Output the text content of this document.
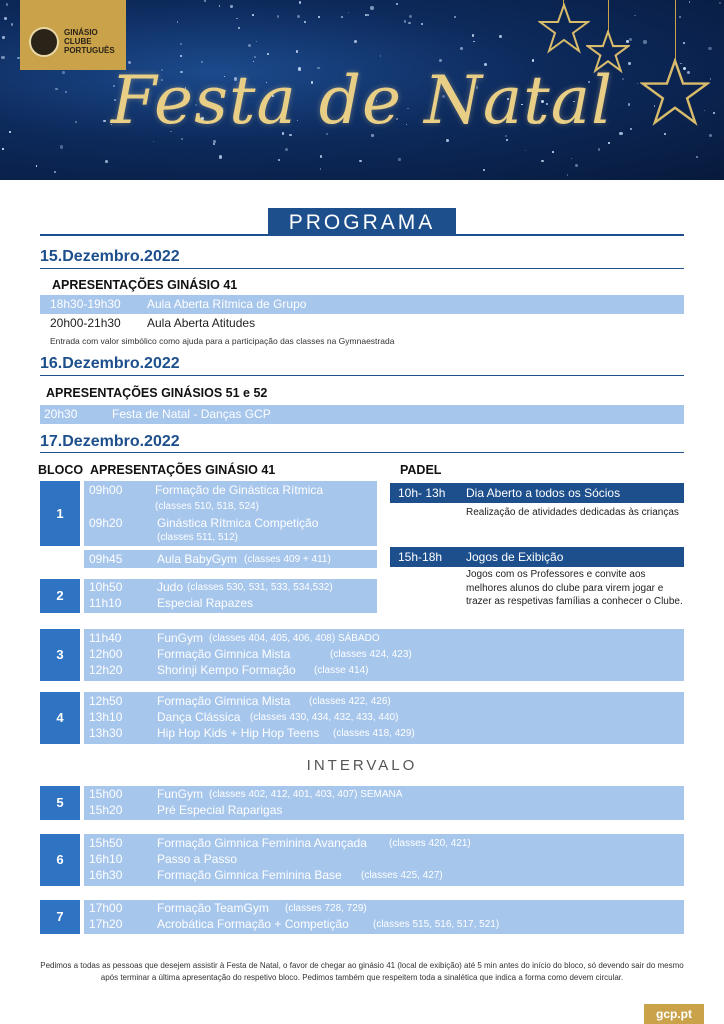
GINÁSIO CLUBE PORTUGUÊS
Festa de Natal
PROGRAMA
15.Dezembro.2022
APRESENTAÇÕES GINÁSIO 41
18h30-19h30 Aula Aberta Rítmica de Grupo
20h00-21h30 Aula Aberta Atitudes
Entrada com valor simbólico como ajuda para a participação das classes na Gymnaestrada
16.Dezembro.2022
APRESENTAÇÕES GINÁSIOS 51 e 52
20h30	Festa de Natal - Danças GCP
17.Dezembro.2022
BLOCO APRESENTAÇÕES GINÁSIO 41	PADEL
1
09h00	Formação de Ginástica Rítmica
(classes 510, 518, 524)
09h20	Ginástica Rítmica Competição
(classes 511, 512)
09h45	Aula BabyGym (classes 409 + 411)
2
10h50	Judo (classes 530, 531, 533, 534,532)
11h10	Especial Rapazes
10h- 13h Dia Aberto a todos os Sócios
Realização de atividades dedicadas às crianças
15h-18h Jogos de Exibição
Jogos com os Professores e convite aos melhores alunos do clube para virem jogar e trazer as respetivas famílias a conhecer o Clube.
3
11h40	FunGym (classes 404, 405, 406, 408) SÁBADO
12h00	Formação Gimnica Mista	(classes 424, 423)
12h20	Shorinji Kempo Formação (classe 414)
4
12h50	Formação Gimnica Mista (classes 422, 426)
13h10	Dança Clássica (classes 430, 434, 432, 433, 440)
13h30	Hip Hop Kids + Hip Hop Teens (classes 418, 429)
INTERVALO
5
15h00	FunGym (classes 402, 412, 401, 403, 407) SEMANA
15h20	Pré Especial Raparigas
6
15h50	Formação Gimnica Feminina Avançada (classes 420, 421)
16h10	Passo a Passo
16h30	Formação Gimnica Feminina Base (classes 425, 427)
7
17h00	Formação TeamGym (classes 728, 729)
17h20	Acrobática Formação + Competição (classes 515, 516, 517, 521)
Pedimos a todas as pessoas que desejem assistir à Festa de Natal, o favor de chegar ao ginásio 41 (local de exibição) até 5 min antes do início do bloco, só devendo sair do mesmo após terminar a última apresentação do respetivo bloco. Pedimos também que respeitem toda a sinalética que indica a forma como devem circular.
gcp.pt
